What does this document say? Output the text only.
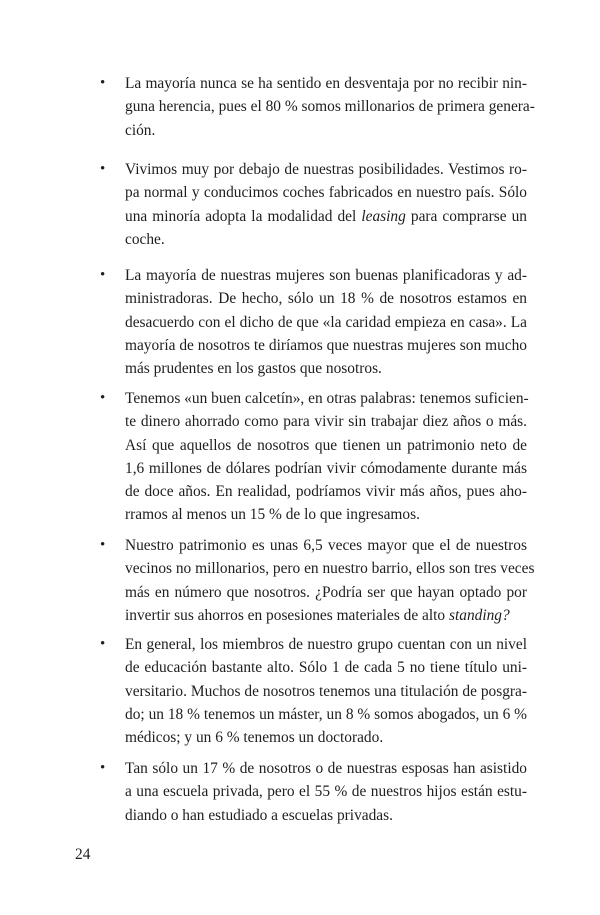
• La mayoría nunca se ha sentido en desventaja por no recibir nin-
guna herencia, pues el 80 % somos millonarios de primera genera-
ción.
• Vivimos muy por debajo de nuestras posibilidades. Vestimos ro-
pa normal y conducimos coches fabricados en nuestro país. Sólo
una minoría adopta la modalidad del leasing para comprarse un
coche.
• La mayoría de nuestras mujeres son buenas planificadoras y ad-
ministradoras. De hecho, sólo un 18 % de nosotros estamos en
desacuerdo con el dicho de que «la caridad empieza en casa». La
mayoría de nosotros te diríamos que nuestras mujeres son mucho
más prudentes en los gastos que nosotros.
• Tenemos «un buen calcetín», en otras palabras: tenemos suficien-
te dinero ahorrado como para vivir sin trabajar diez años o más.
Así que aquellos de nosotros que tienen un patrimonio neto de
1,6 millones de dólares podrían vivir cómodamente durante más
de doce años. En realidad, podríamos vivir más años, pues aho-
rramos al menos un 15 % de lo que ingresamos.
• Nuestro patrimonio es unas 6,5 veces mayor que el de nuestros
vecinos no millonarios, pero en nuestro barrio, ellos son tres veces
más en número que nosotros. ¿Podría ser que hayan optado por
invertir sus ahorros en posesiones materiales de alto standing?
• En general, los miembros de nuestro grupo cuentan con un nivel
de educación bastante alto. Sólo 1 de cada 5 no tiene título uni-
versitario. Muchos de nosotros tenemos una titulación de posgra-
do; un 18 % tenemos un máster, un 8 % somos abogados, un 6 %
médicos; y un 6 % tenemos un doctorado.
• Tan sólo un 17 % de nosotros o de nuestras esposas han asistido
a una escuela privada, pero el 55 % de nuestros hijos están estu-
diando o han estudiado a escuelas privadas.
24
